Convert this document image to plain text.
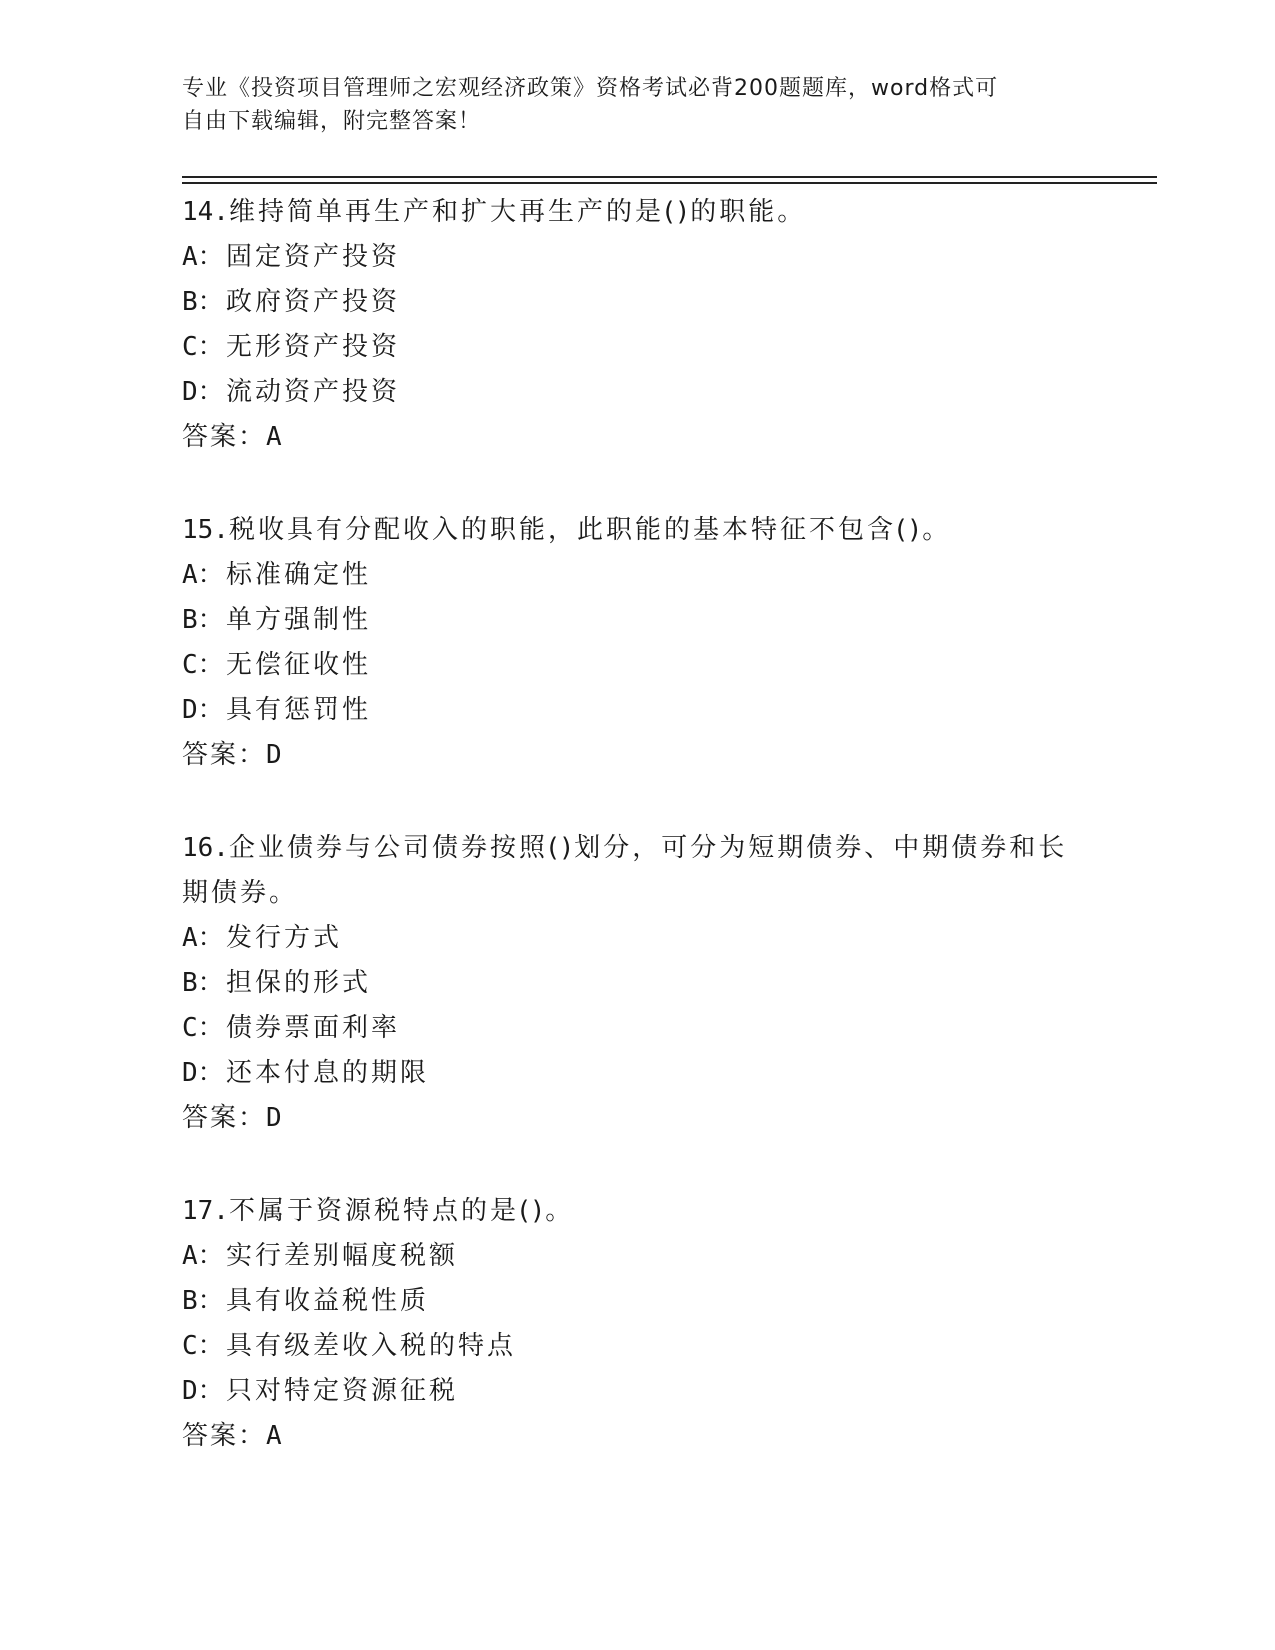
专业《投资项目管理师之宏观经济政策》资格考试必背200题题库，word格式可
自由下载编辑，附完整答案！
14.维持简单再生产和扩大再生产的是()的职能。
A： 固定资产投资
B： 政府资产投资
C： 无形资产投资
D： 流动资产投资
答案：A
15.税收具有分配收入的职能，此职能的基本特征不包含()。
A： 标准确定性
B： 单方强制性
C： 无偿征收性
D： 具有惩罚性
答案：D
16.企业债券与公司债券按照()划分，可分为短期债券、中期债券和长期债券。
A： 发行方式
B： 担保的形式
C： 债券票面利率
D： 还本付息的期限
答案：D
17.不属于资源税特点的是()。
A： 实行差别幅度税额
B： 具有收益税性质
C： 具有级差收入税的特点
D： 只对特定资源征税
答案：A
